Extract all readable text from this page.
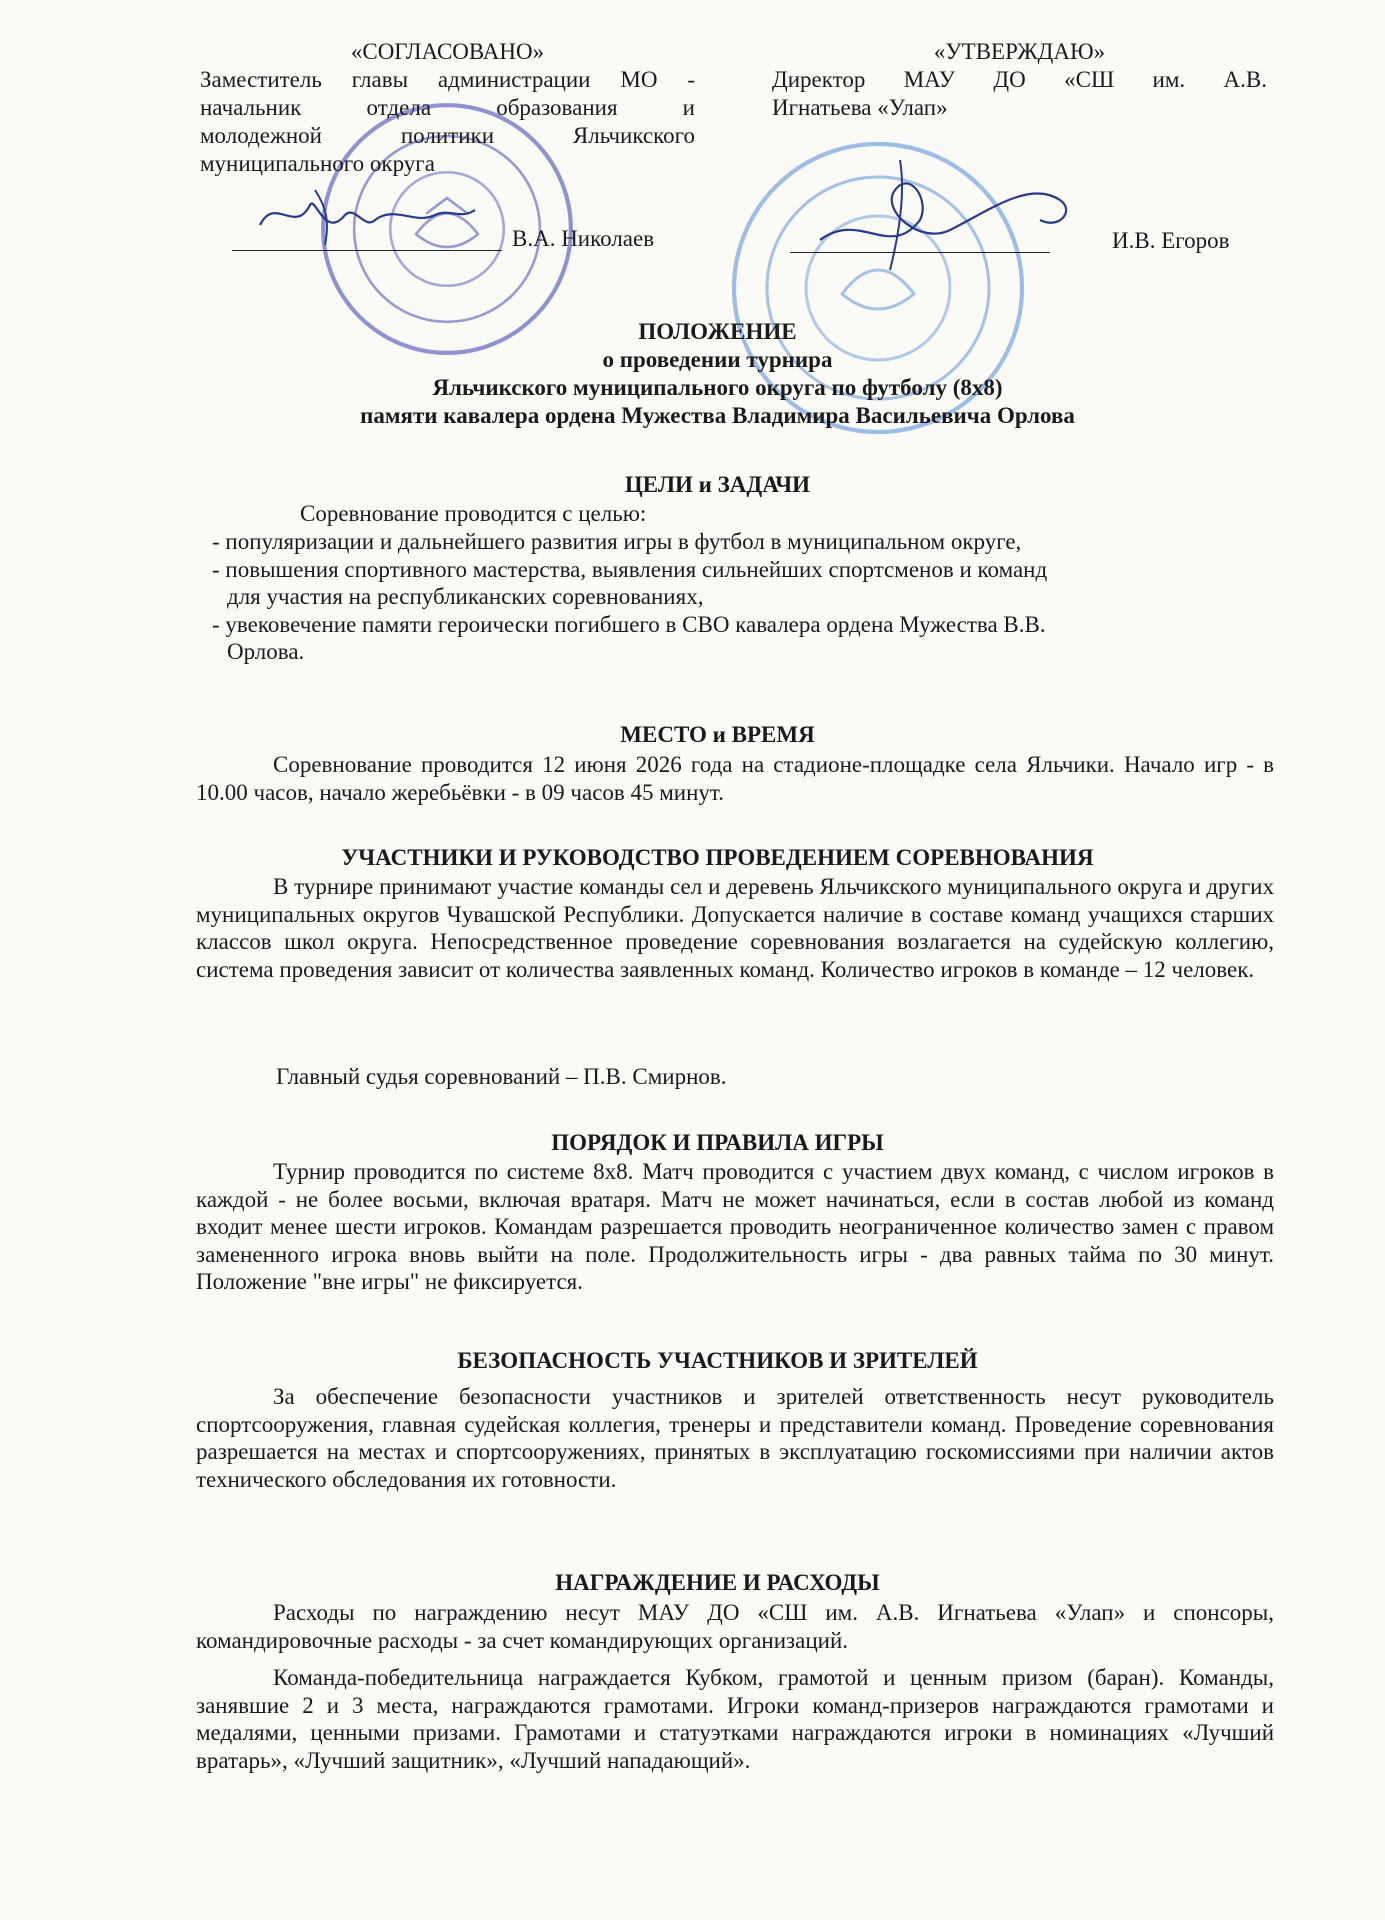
«СОГЛАСОВАНО»
Заместитель главы администрации МО -
начальник отдела образования и
молодежной политики Яльчикского
муниципального округа
В.А. Николаев
«УТВЕРЖДАЮ»
Директор МАУ ДО «СШ им. А.В.
Игнатьева «Улап»
И.В. Егоров
ПОЛОЖЕНИЕ
о проведении турнира
Яльчикского муниципального округа по футболу (8х8)
памяти кавалера ордена Мужества Владимира Васильевича Орлова
ЦЕЛИ и ЗАДАЧИ
Соревнование проводится с целью:
- популяризации и дальнейшего развития игры в футбол в муниципальном округе,
- повышения спортивного мастерства, выявления сильнейших спортсменов и команд
для участия на республиканских соревнованиях,
- увековечение памяти героически погибшего в СВО кавалера ордена Мужества В.В.
Орлова.
МЕСТО и ВРЕМЯ
Соревнование проводится 12 июня 2026 года на стадионе-площадке села Яльчики. Начало игр - в 10.00 часов, начало жеребьёвки - в 09 часов 45 минут.
УЧАСТНИКИ И РУКОВОДСТВО ПРОВЕДЕНИЕМ СОРЕВНОВАНИЯ
В турнире принимают участие команды сел и деревень Яльчикского муниципального округа и других муниципальных округов Чувашской Республики. Допускается наличие в составе команд учащихся старших классов школ округа. Непосредственное проведение соревнования возлагается на судейскую коллегию, система проведения зависит от количества заявленных команд. Количество игроков в команде – 12 человек.
Главный судья соревнований – П.В. Смирнов.
ПОРЯДОК И ПРАВИЛА ИГРЫ
Турнир проводится по системе 8х8. Матч проводится с участием двух команд, с числом игроков в каждой - не более восьми, включая вратаря. Матч не может начинаться, если в состав любой из команд входит менее шести игроков. Командам разрешается проводить неограниченное количество замен с правом замененного игрока вновь выйти на поле. Продолжительность игры - два равных тайма по 30 минут. Положение "вне игры" не фиксируется.
БЕЗОПАСНОСТЬ УЧАСТНИКОВ И ЗРИТЕЛЕЙ
За обеспечение безопасности участников и зрителей ответственность несут руководитель спортсооружения, главная судейская коллегия, тренеры и представители команд. Проведение соревнования разрешается на местах и спортсооружениях, принятых в эксплуатацию госкомиссиями при наличии актов технического обследования их готовности.
НАГРАЖДЕНИЕ И РАСХОДЫ
Расходы по награждению несут МАУ ДО «СШ им. А.В. Игнатьева «Улап» и спонсоры, командировочные расходы - за счет командирующих организаций.
Команда-победительница награждается Кубком, грамотой и ценным призом (баран). Команды, занявшие 2 и 3 места, награждаются грамотами. Игроки команд-призеров награждаются грамотами и медалями, ценными призами. Грамотами и статуэтками награждаются игроки в номинациях «Лучший вратарь», «Лучший защитник», «Лучший нападающий».
